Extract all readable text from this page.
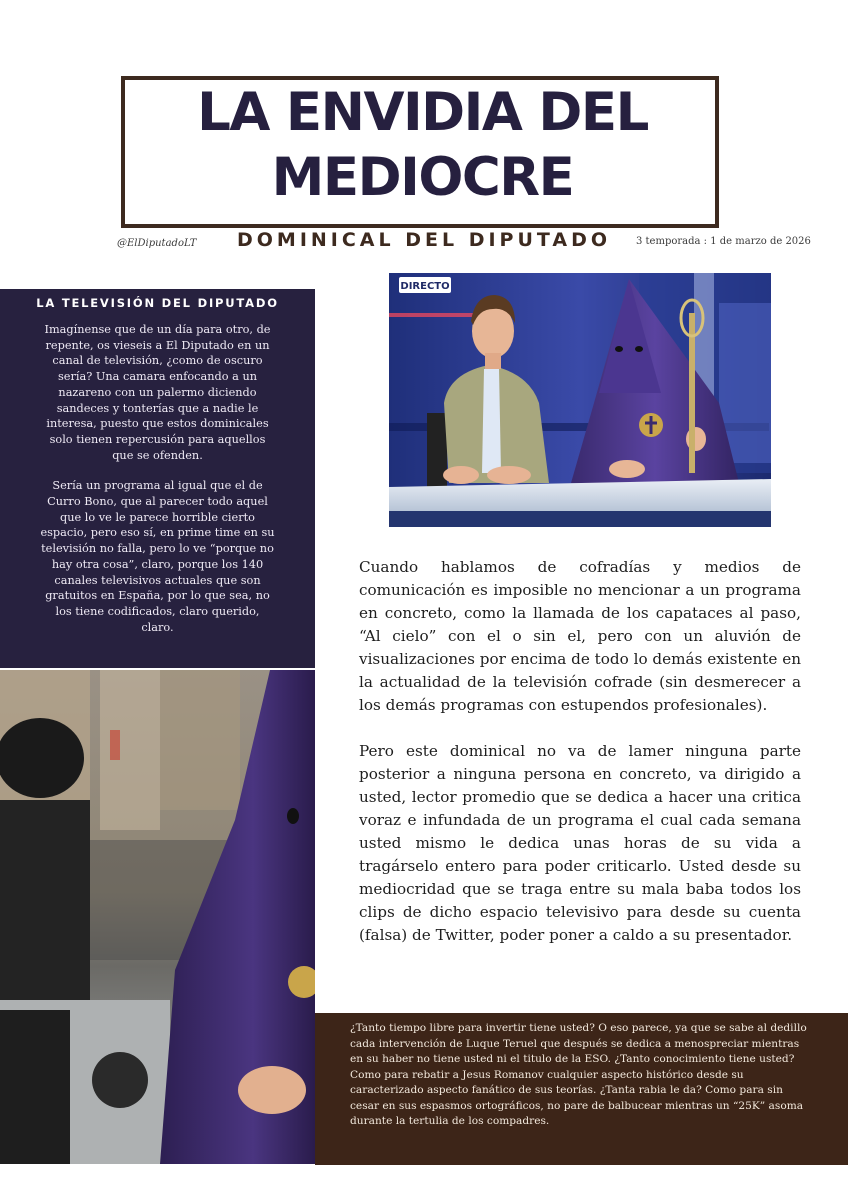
LA ENVIDIA DEL
MEDIOCRE
DOMINICAL DEL DIPUTADO
@ElDiputadoLT	3 temporada : 1 de marzo de 2026
LA TELEVISIÓN DEL DIPUTADO

Imagínense que de un día para otro, de repente, os vieseis a El Diputado en un canal de televisión, ¿como de oscuro sería? Una camara enfocando a un nazareno con un palermo diciendo sandeces y tonterías que a nadie le interesa, puesto que estos dominicales solo tienen repercusión para aquellos que se ofenden.

Sería un programa al igual que el de Curro Bono, que al parecer todo aquel que lo ve le parece horrible cierto espacio, pero eso sí, en prime time en su televisión no falla, pero lo ve “porque no hay otra cosa”, claro, porque los 140 canales televisivos actuales que son gratuitos en España, por lo que sea, no los tiene codificados, claro querido, claro.

DIRECTO

Cuando hablamos de cofradías y medios de comunicación es imposible no mencionar a un programa en concreto, como la llamada de los capataces al paso, “Al cielo” con el o sin el, pero con un aluvión de visualizaciones por encima de todo lo demás existente en la actualidad de la televisión cofrade (sin desmerecer a los demás programas con estupendos profesionales).

Pero este dominical no va de lamer ninguna parte posterior a ninguna persona en concreto, va dirigido a usted, lector promedio que se dedica a hacer una critica voraz e infundada de un programa el cual cada semana usted mismo le dedica unas horas de su vida a tragárselo entero para poder criticarlo. Usted desde su mediocridad que se traga entre su mala baba todos los clips de dicho espacio televisivo para desde su cuenta (falsa) de Twitter, poder poner a caldo a su presentador.

¿Tanto tiempo libre para invertir tiene usted? O eso parece, ya que se sabe al dedillo cada intervención de Luque Teruel que después se dedica a menospreciar mientras en su haber no tiene usted ni el titulo de la ESO. ¿Tanto conocimiento tiene usted? Como para rebatir a Jesus Romanov cualquier aspecto histórico desde su caracterizado aspecto fanático de sus teorías. ¿Tanta rabia le da? Como para sin cesar en sus espasmos ortográficos, no pare de balbucear mientras un “25K” asoma durante la tertulia de los compadres.
